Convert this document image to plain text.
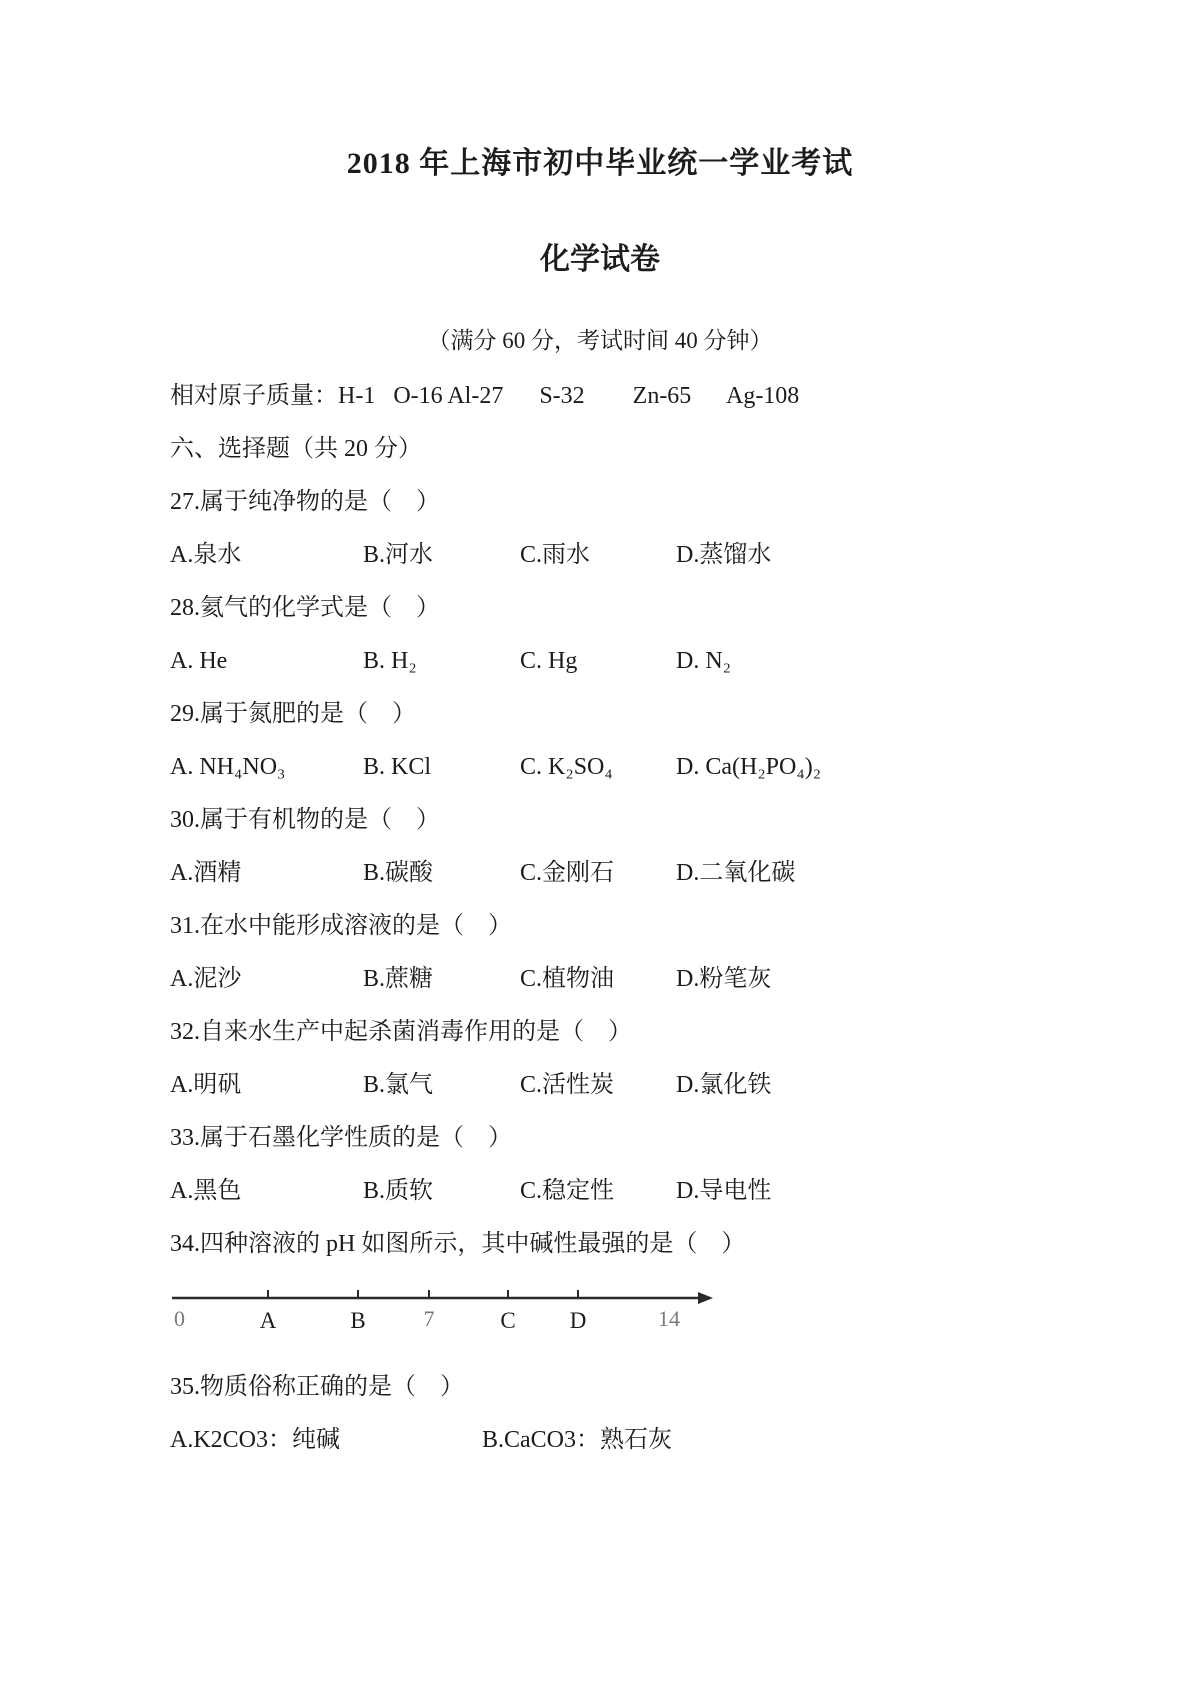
2018 年上海市初中毕业统一学业考试
化学试卷

（满分 60 分，考试时间 40 分钟）

相对原子质量：H-1   O-16 Al-27      S-32        Zn-65      Ag-108

六、选择题（共 20 分）

27.属于纯净物的是（　）

A.泉水	B.河水	C.雨水	D.蒸馏水

28.氦气的化学式是（　）

A. He	B. H₂	C. Hg	D. N₂

29.属于氮肥的是（　）

A. NH₄NO₃	B. KCl	C. K₂SO₄	D. Ca(H₂PO₄)₂

30.属于有机物的是（　）

A.酒精	B.碳酸	C.金刚石	D.二氧化碳

31.在水中能形成溶液的是（　）

A.泥沙	B.蔗糖	C.植物油	D.粉笔灰

32.自来水生产中起杀菌消毒作用的是（　）

A.明矾	B.氯气	C.活性炭	D.氯化铁

33.属于石墨化学性质的是（　）

A.黑色	B.质软	C.稳定性	D.导电性

34.四种溶液的 pH 如图所示，其中碱性最强的是（　）

0	A	B	7	C D	14

35.物质俗称正确的是（　）

A.K2CO3：纯碱	B.CaCO3：熟石灰
